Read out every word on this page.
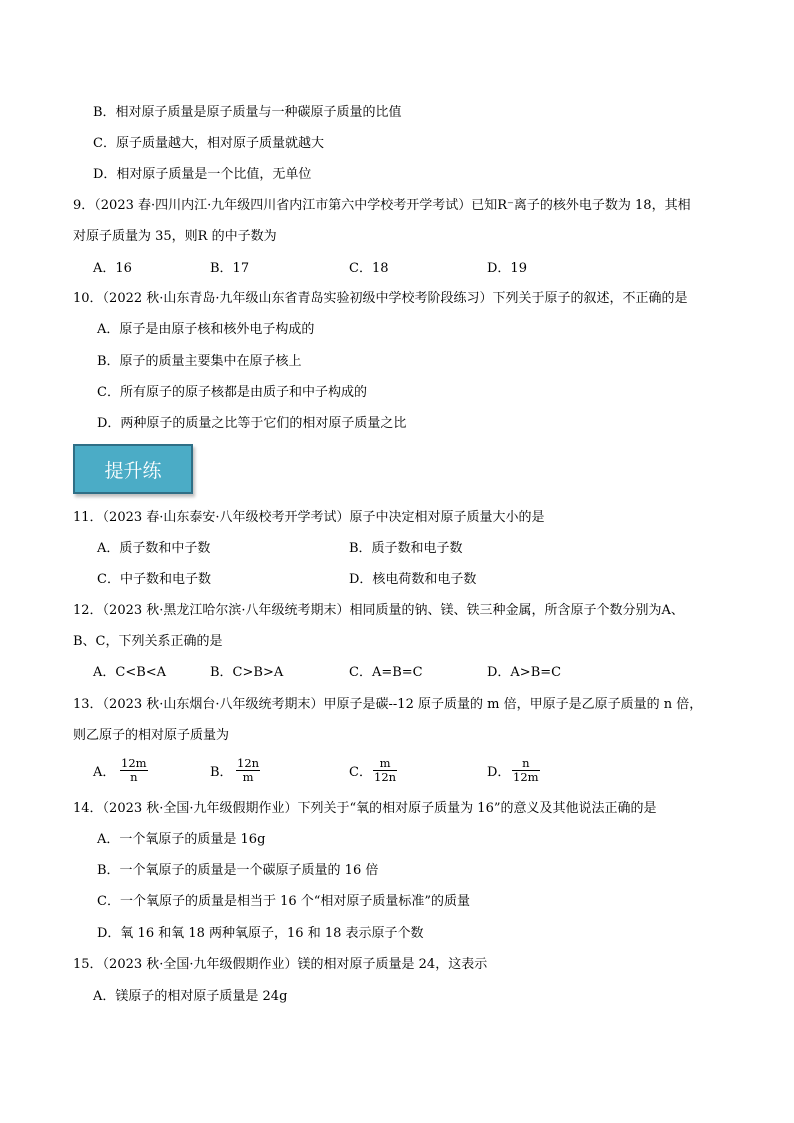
B．相对原子质量是原子质量与一种碳原子质量的比值
C．原子质量越大，相对原子质量就越大
D．相对原子质量是一个比值，无单位
9．（2023 春·四川内江·九年级四川省内江市第六中学校考开学考试）已知R⁻离子的核外电子数为 18，其相
对原子质量为 35，则R 的中子数为
A．16	B．17	C．18	D．19
10．（2022 秋·山东青岛·九年级山东省青岛实验初级中学校考阶段练习）下列关于原子的叙述，不正确的是
A．原子是由原子核和核外电子构成的
B．原子的质量主要集中在原子核上
C．所有原子的原子核都是由质子和中子构成的
D．两种原子的质量之比等于它们的相对原子质量之比
提升练
11．（2023 春·山东泰安·八年级校考开学考试）原子中决定相对原子质量大小的是
A．质子数和中子数	B．质子数和电子数
C．中子数和电子数	D．核电荷数和电子数
12．（2023 秋·黑龙江哈尔滨·八年级统考期末）相同质量的钠、镁、铁三种金属，所含原子个数分别为A、
B、C，下列关系正确的是
A．C<B<A	B．C>B>A	C．A=B=C	D．A>B=C
13．（2023 秋·山东烟台·八年级统考期末）甲原子是碳--12 原子质量的 m 倍，甲原子是乙原子质量的 n 倍，
则乙原子的相对原子质量为
A． $\frac{12m}{n}$	B． $\frac{12n}{m}$	C． $\frac{m}{12n}$	D． $\frac{n}{12m}$
14．（2023 秋·全国·九年级假期作业）下列关于“氧的相对原子质量为 16”的意义及其他说法正确的是
A．一个氧原子的质量是 16g
B．一个氧原子的质量是一个碳原子质量的 16 倍
C．一个氧原子的质量是相当于 16 个“相对原子质量标准”的质量
D．氧 16 和氧 18 两种氧原子，16 和 18 表示原子个数
15．（2023 秋·全国·九年级假期作业）镁的相对原子质量是 24，这表示
A．镁原子的相对原子质量是 24g
